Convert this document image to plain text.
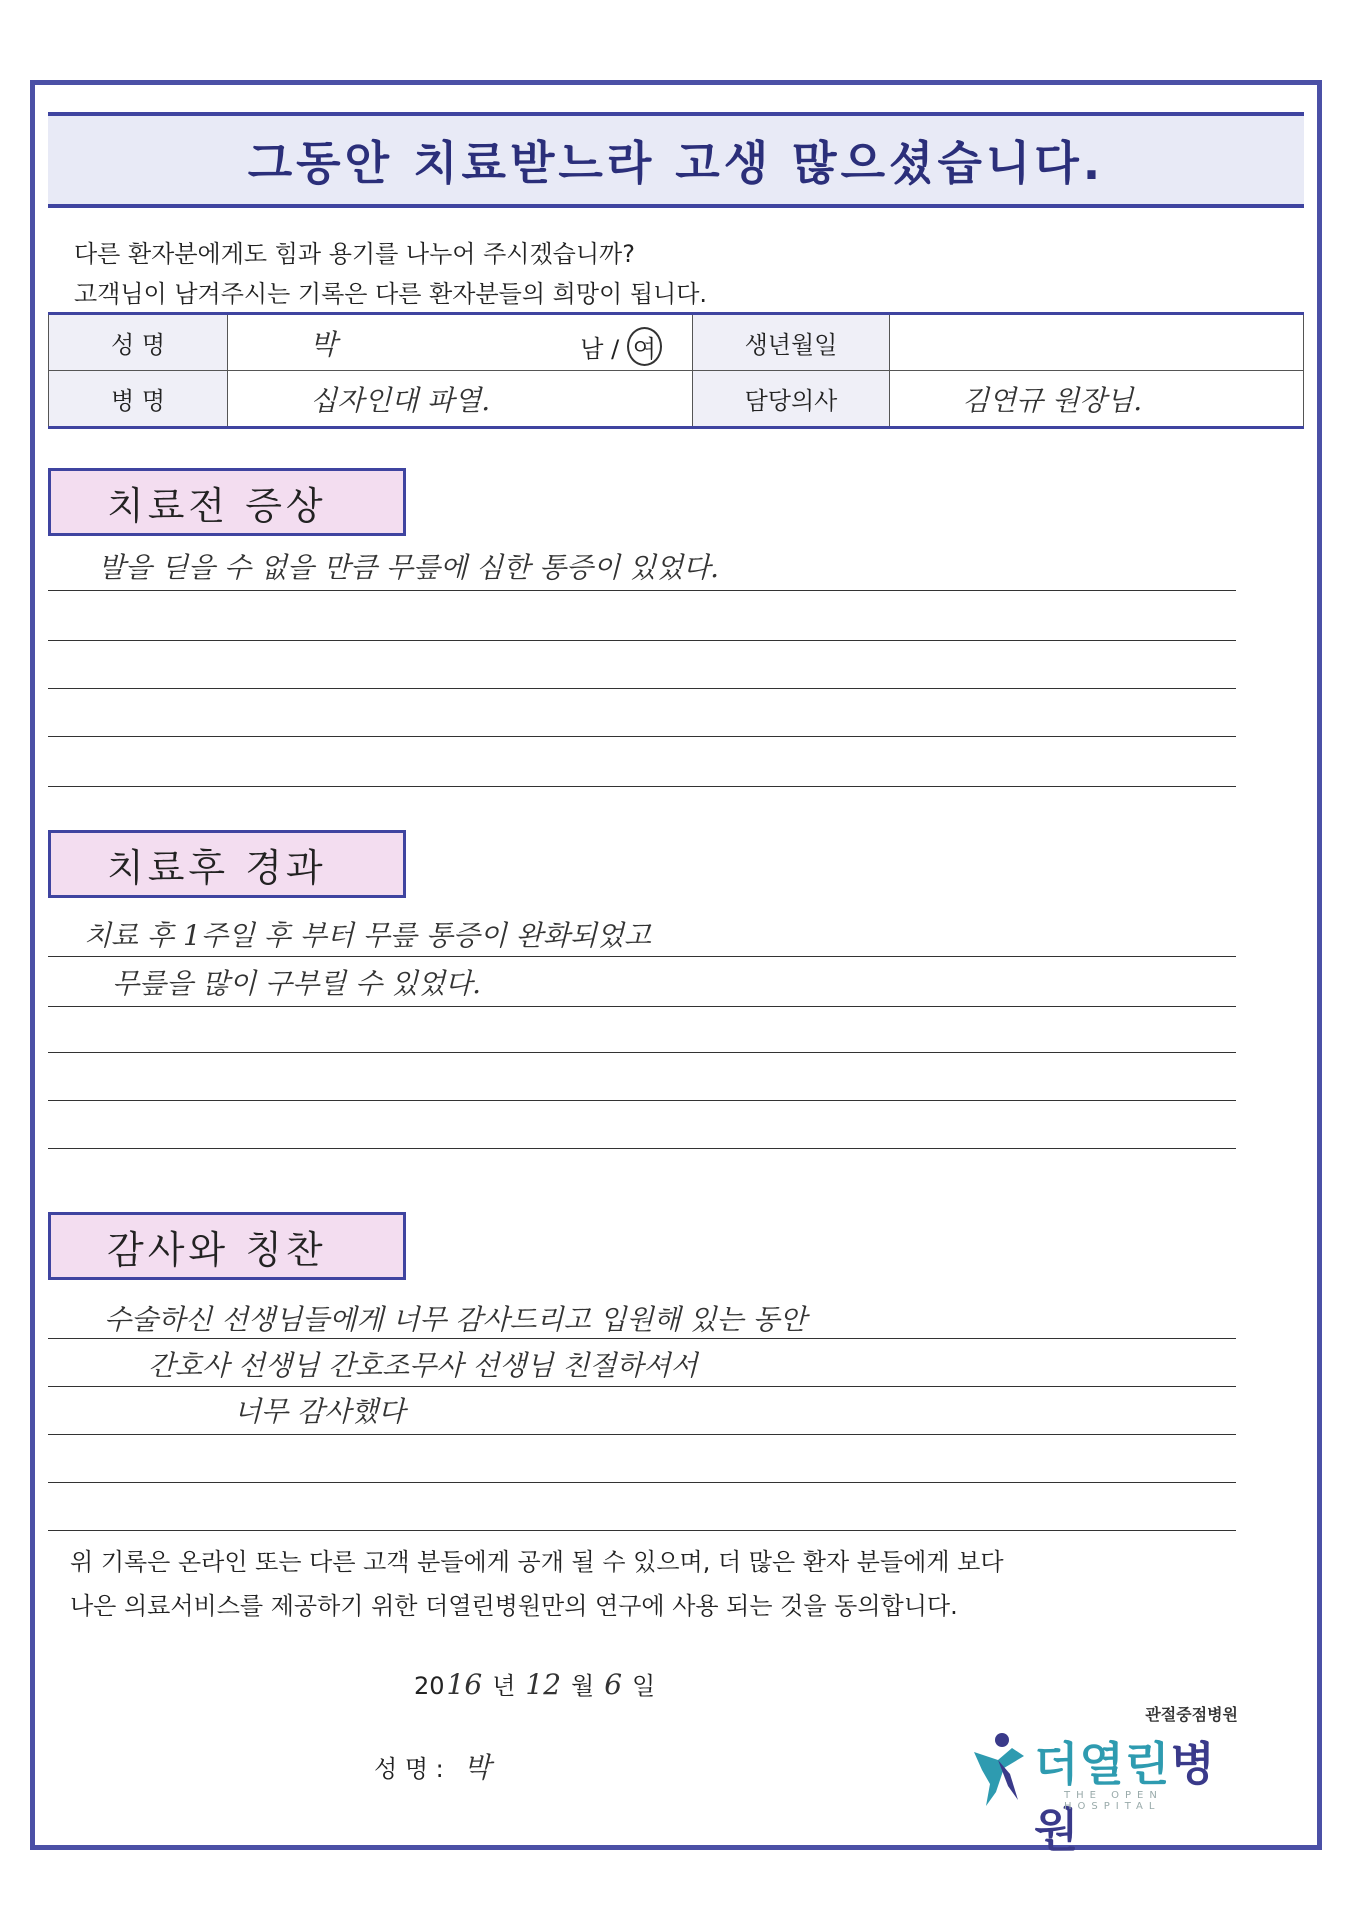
그동안 치료받느라 고생 많으셨습니다.
다른 환자분에게도 힘과 용기를 나누어 주시겠습니까?
고객님이 남겨주시는 기록은 다른 환자분들의 희망이 됩니다.
성 명	박 남 / 여	생년월일	
병 명	십자인대 파열.	담당의사	김연규 원장님.
치료전 증상
발을 딛을 수 없을 만큼 무릎에 심한 통증이 있었다.
치료후 경과
치료 후 1주일 후 부터 무릎 통증이 완화되었고
무릎을 많이 구부릴 수 있었다.
감사와 칭찬
수술하신 선생님들에게 너무 감사드리고 입원해 있는 동안
간호사 선생님 간호조무사 선생님 친절하셔서
너무 감사했다
위 기록은 온라인 또는 다른 고객 분들에게 공개 될 수 있으며, 더 많은 환자 분들에게 보다
나은 의료서비스를 제공하기 위한 더열린병원만의 연구에 사용 되는 것을 동의합니다.
20 16 년 12 월 6 일
성 명 : 박
관절중점병원
더열린병원
THE OPEN HOSPITAL
